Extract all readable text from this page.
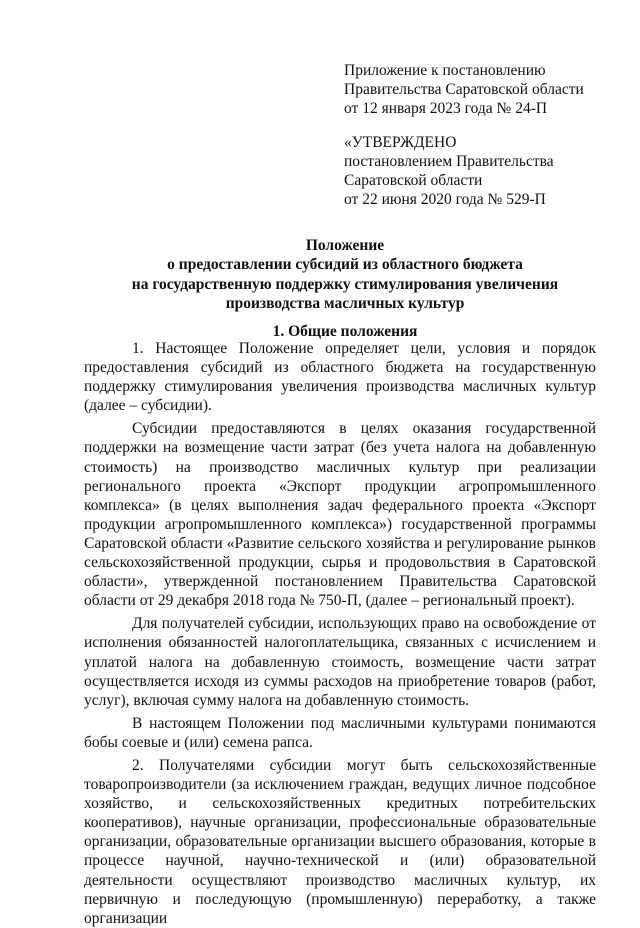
Приложение к постановлению
Правительства Саратовской области
от 12 января 2023 года № 24-П
«УТВЕРЖДЕНО
постановлением Правительства
Саратовской области
от 22 июня 2020 года № 529-П
Положение
о предоставлении субсидий из областного бюджета
на государственную поддержку стимулирования увеличения
производства масличных культур
1. Общие положения

1. Настоящее Положение определяет цели, условия и порядок предоставления субсидий из областного бюджета на государственную поддержку стимулирования увеличения производства масличных культур (далее – субсидии).

Субсидии предоставляются в целях оказания государственной поддержки на возмещение части затрат (без учета налога на добавленную стоимость) на производство масличных культур при реализации регионального проекта «Экспорт продукции агропромышленного комплекса» (в целях выполнения задач федерального проекта «Экспорт продукции агропромышленного комплекса») государственной программы Саратовской области «Развитие сельского хозяйства и регулирование рынков сельскохозяйственной продукции, сырья и продовольствия в Саратовской области», утвержденной постановлением Правительства Саратовской области от 29 декабря 2018 года № 750-П, (далее – региональный проект).

Для получателей субсидии, использующих право на освобождение от исполнения обязанностей налогоплательщика, связанных с исчислением и уплатой налога на добавленную стоимость, возмещение части затрат осуществляется исходя из суммы расходов на приобретение товаров (работ, услуг), включая сумму налога на добавленную стоимость.

В настоящем Положении под масличными культурами понимаются бобы соевые и (или) семена рапса.

2. Получателями субсидии могут быть сельскохозяйственные товаропроизводители (за исключением граждан, ведущих личное подсобное хозяйство, и сельскохозяйственных кредитных потребительских кооперативов), научные организации, профессиональные образовательные организации, образовательные организации высшего образования, которые в процессе научной, научно-технической и (или) образовательной деятельности осуществляют производство масличных культур, их первичную и последующую (промышленную) переработку, а также организации
